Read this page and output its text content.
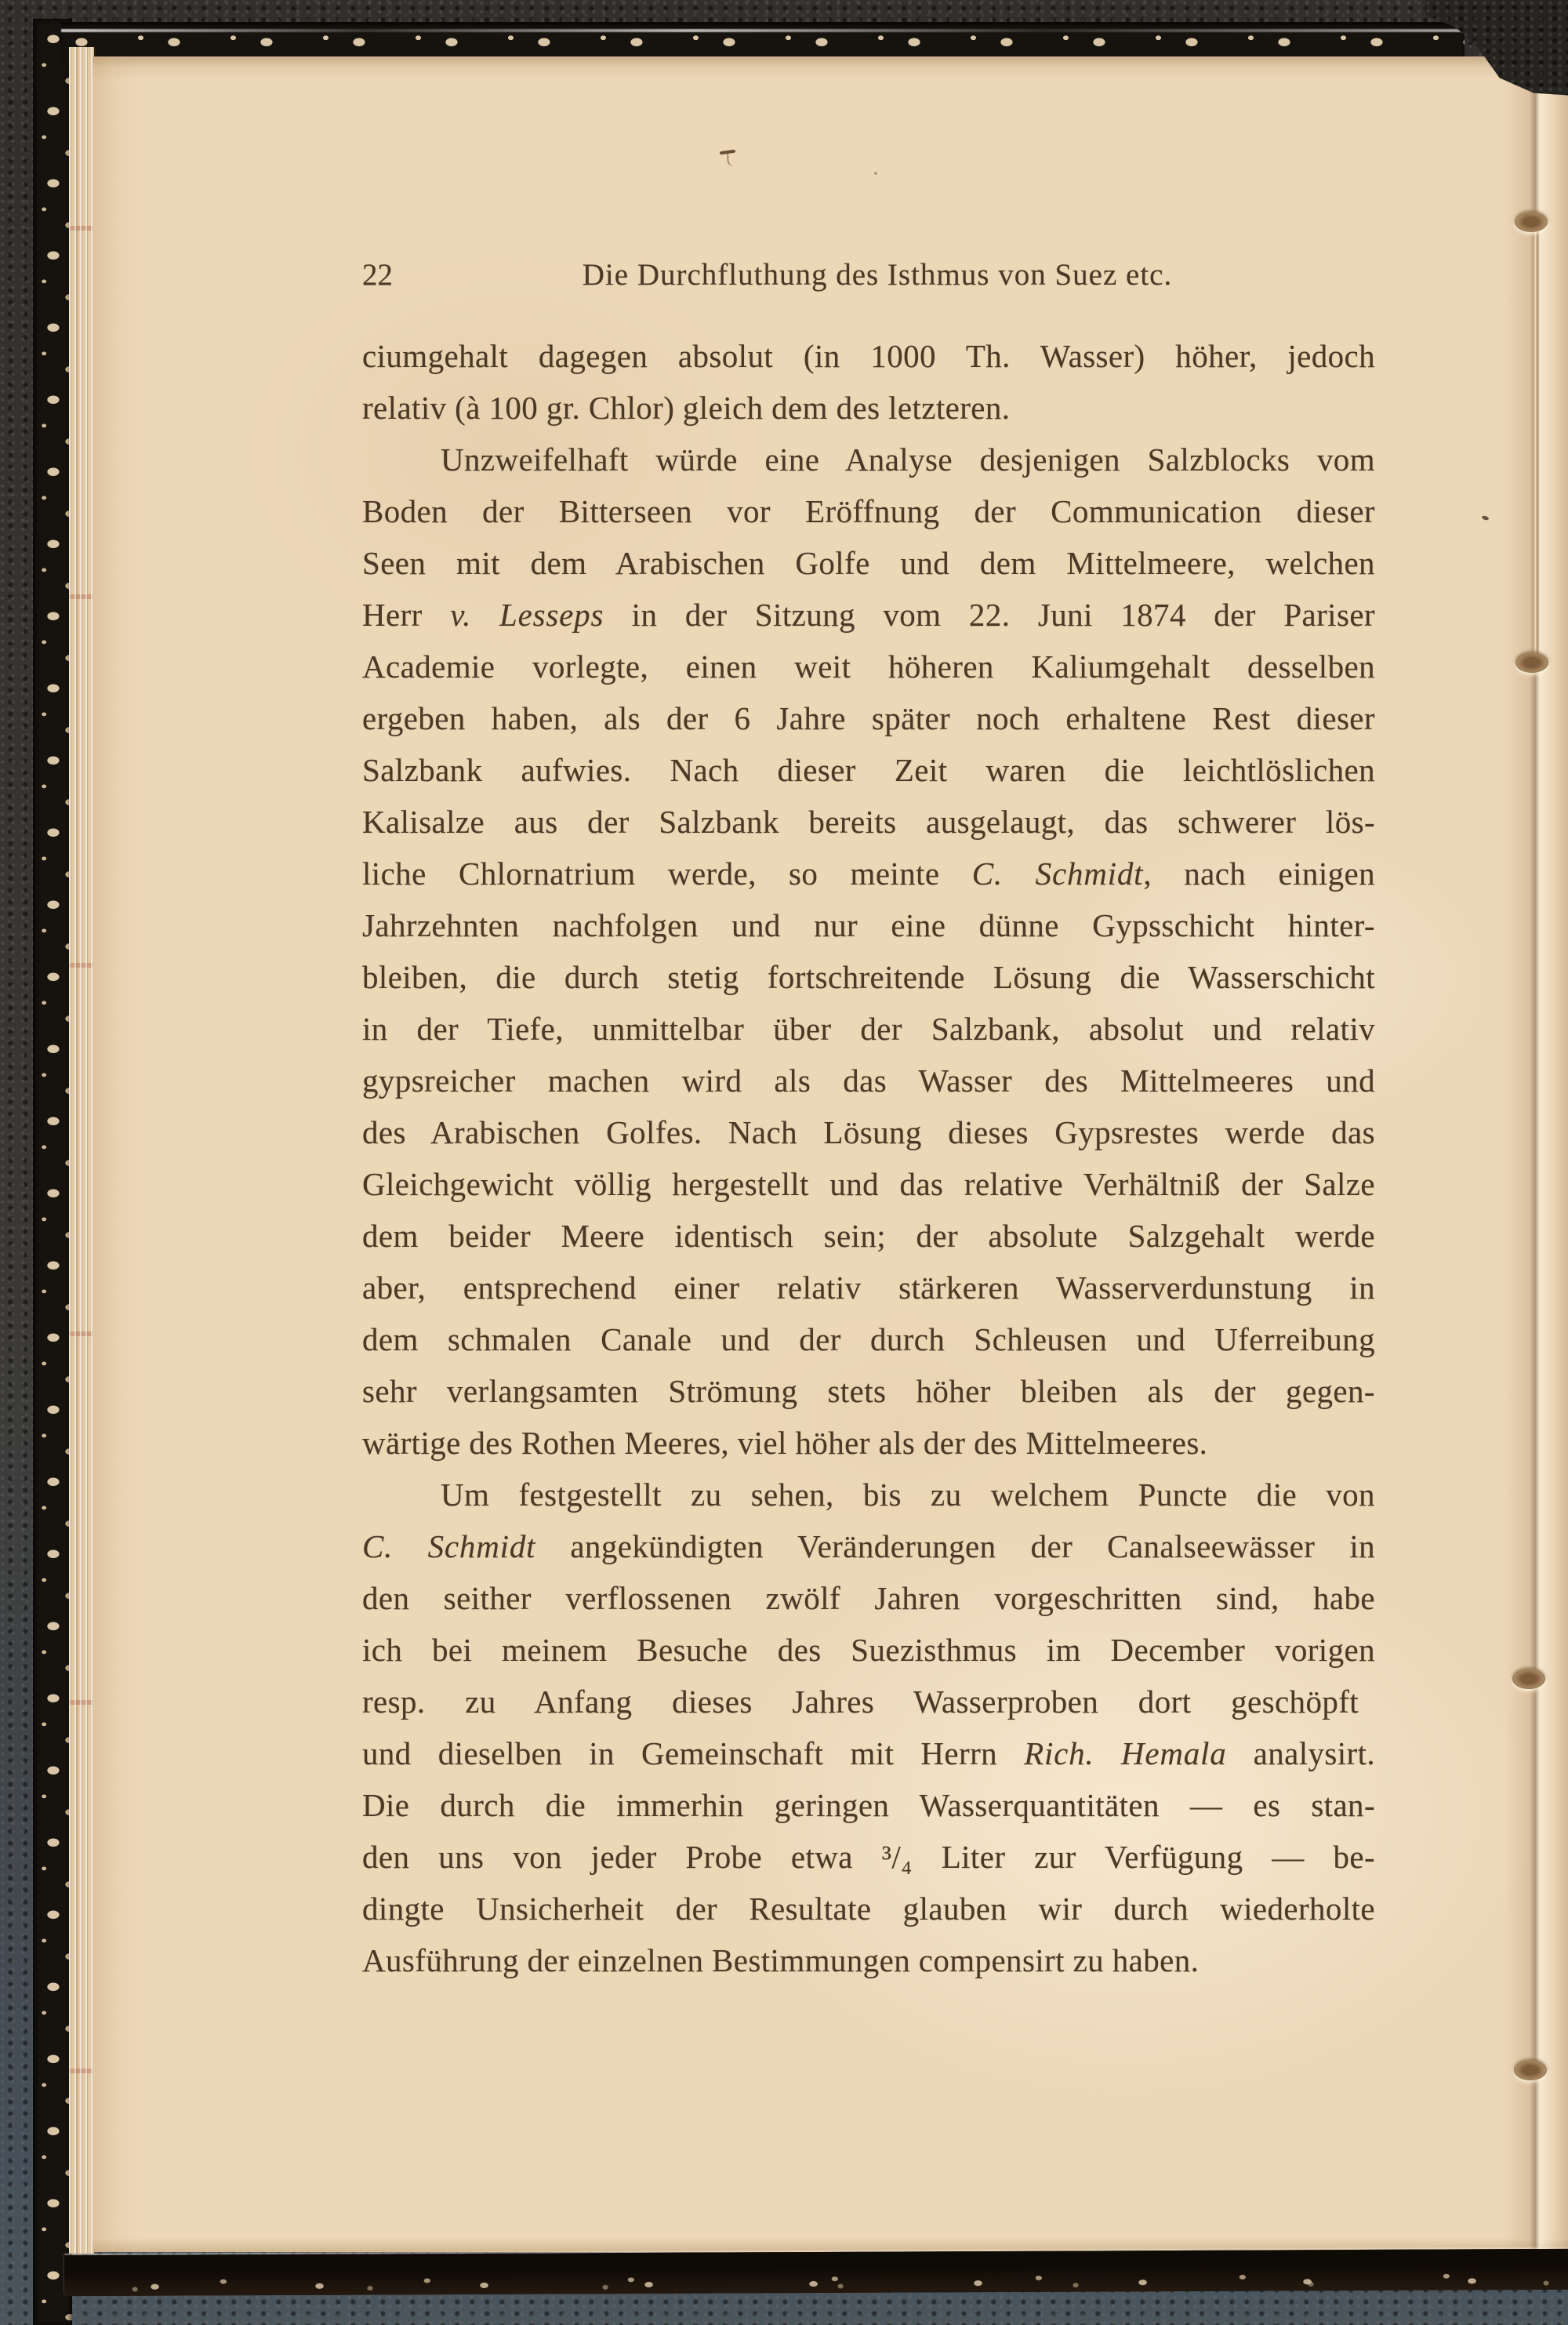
22	Die Durchfluthung des Isthmus von Suez etc.
ciumgehalt dagegen absolut (in 1000 Th. Wasser) höher, jedoch
relativ (à 100 gr. Chlor) gleich dem des letzteren.
Unzweifelhaft würde eine Analyse desjenigen Salzblocks vom
Boden der Bitterseen vor Eröffnung der Communication dieser
Seen mit dem Arabischen Golfe und dem Mittelmeere, welchen
Herr v. Lesseps in der Sitzung vom 22. Juni 1874 der Pariser
Academie vorlegte, einen weit höheren Kaliumgehalt desselben
ergeben haben, als der 6 Jahre später noch erhaltene Rest dieser
Salzbank aufwies. Nach dieser Zeit waren die leichtlöslichen
Kalisalze aus der Salzbank bereits ausgelaugt, das schwerer lös-
liche Chlornatrium werde, so meinte C. Schmidt, nach einigen
Jahrzehnten nachfolgen und nur eine dünne Gypsschicht hinter-
bleiben, die durch stetig fortschreitende Lösung die Wasserschicht
in der Tiefe, unmittelbar über der Salzbank, absolut und relativ
gypsreicher machen wird als das Wasser des Mittelmeeres und
des Arabischen Golfes. Nach Lösung dieses Gypsrestes werde das
Gleichgewicht völlig hergestellt und das relative Verhältniß der Salze
dem beider Meere identisch sein; der absolute Salzgehalt werde
aber, entsprechend einer relativ stärkeren Wasserverdunstung in
dem schmalen Canale und der durch Schleusen und Uferreibung
sehr verlangsamten Strömung stets höher bleiben als der gegen-
wärtige des Rothen Meeres, viel höher als der des Mittelmeeres.
Um festgestellt zu sehen, bis zu welchem Puncte die von
C. Schmidt angekündigten Veränderungen der Canalseewässer in
den seither verflossenen zwölf Jahren vorgeschritten sind, habe
ich bei meinem Besuche des Suezisthmus im December vorigen
resp. zu Anfang dieses Jahres Wasserproben dort geschöpft
und dieselben in Gemeinschaft mit Herrn Rich. Hemala analysirt.
Die durch die immerhin geringen Wasserquantitäten — es stan-
den uns von jeder Probe etwa ³/₄ Liter zur Verfügung — be-
dingte Unsicherheit der Resultate glauben wir durch wiederholte
Ausführung der einzelnen Bestimmungen compensirt zu haben.
